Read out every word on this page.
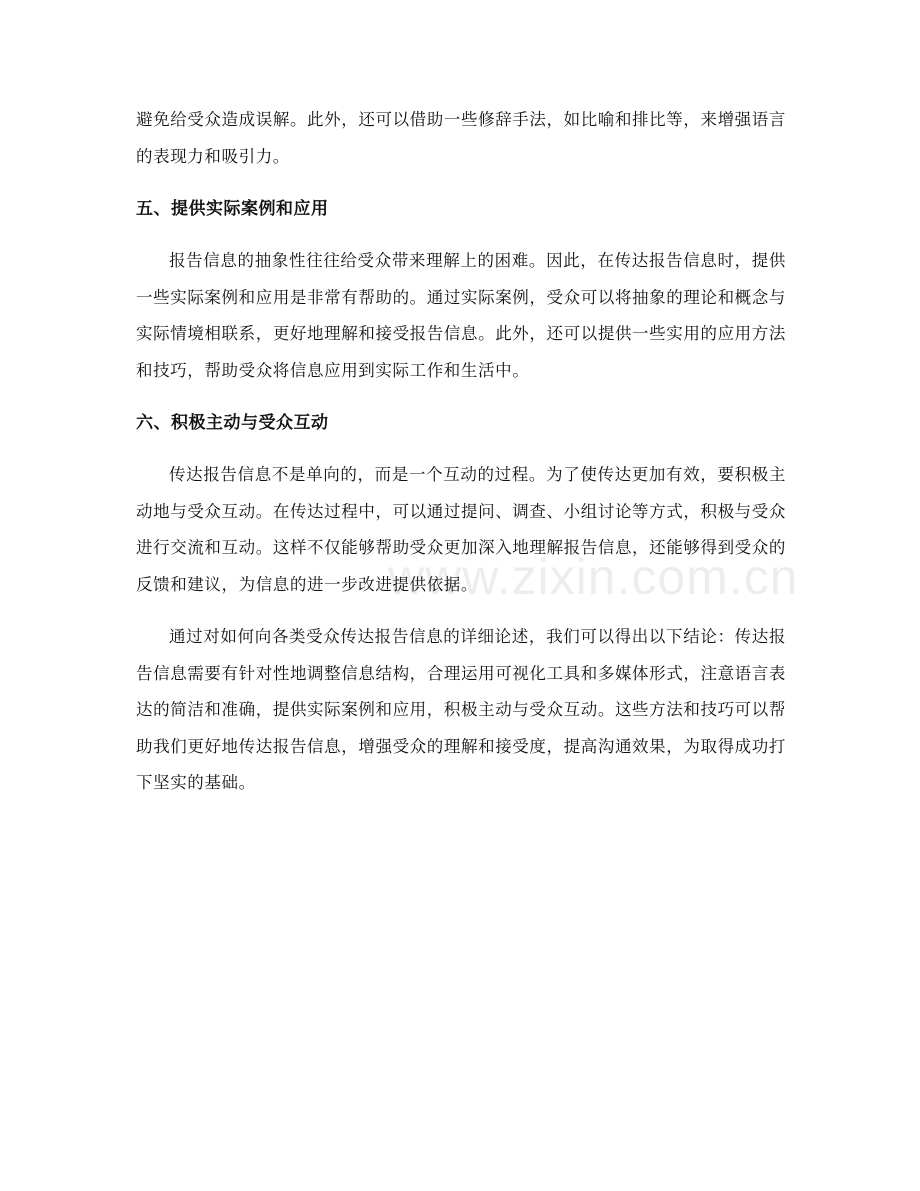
避免给受众造成误解。此外，还可以借助一些修辞手法，如比喻和排比等，来增强语言的表现力和吸引力。

五、提供实际案例和应用

报告信息的抽象性往往给受众带来理解上的困难。因此，在传达报告信息时，提供一些实际案例和应用是非常有帮助的。通过实际案例，受众可以将抽象的理论和概念与实际情境相联系，更好地理解和接受报告信息。此外，还可以提供一些实用的应用方法和技巧，帮助受众将信息应用到实际工作和生活中。

六、积极主动与受众互动

传达报告信息不是单向的，而是一个互动的过程。为了使传达更加有效，要积极主动地与受众互动。在传达过程中，可以通过提问、调查、小组讨论等方式，积极与受众进行交流和互动。这样不仅能够帮助受众更加深入地理解报告信息，还能够得到受众的反馈和建议，为信息的进一步改进提供依据。

通过对如何向各类受众传达报告信息的详细论述，我们可以得出以下结论：传达报告信息需要有针对性地调整信息结构，合理运用可视化工具和多媒体形式，注意语言表达的简洁和准确，提供实际案例和应用，积极主动与受众互动。这些方法和技巧可以帮助我们更好地传达报告信息，增强受众的理解和接受度，提高沟通效果，为取得成功打下坚实的基础。

www.zixin.com.cn
